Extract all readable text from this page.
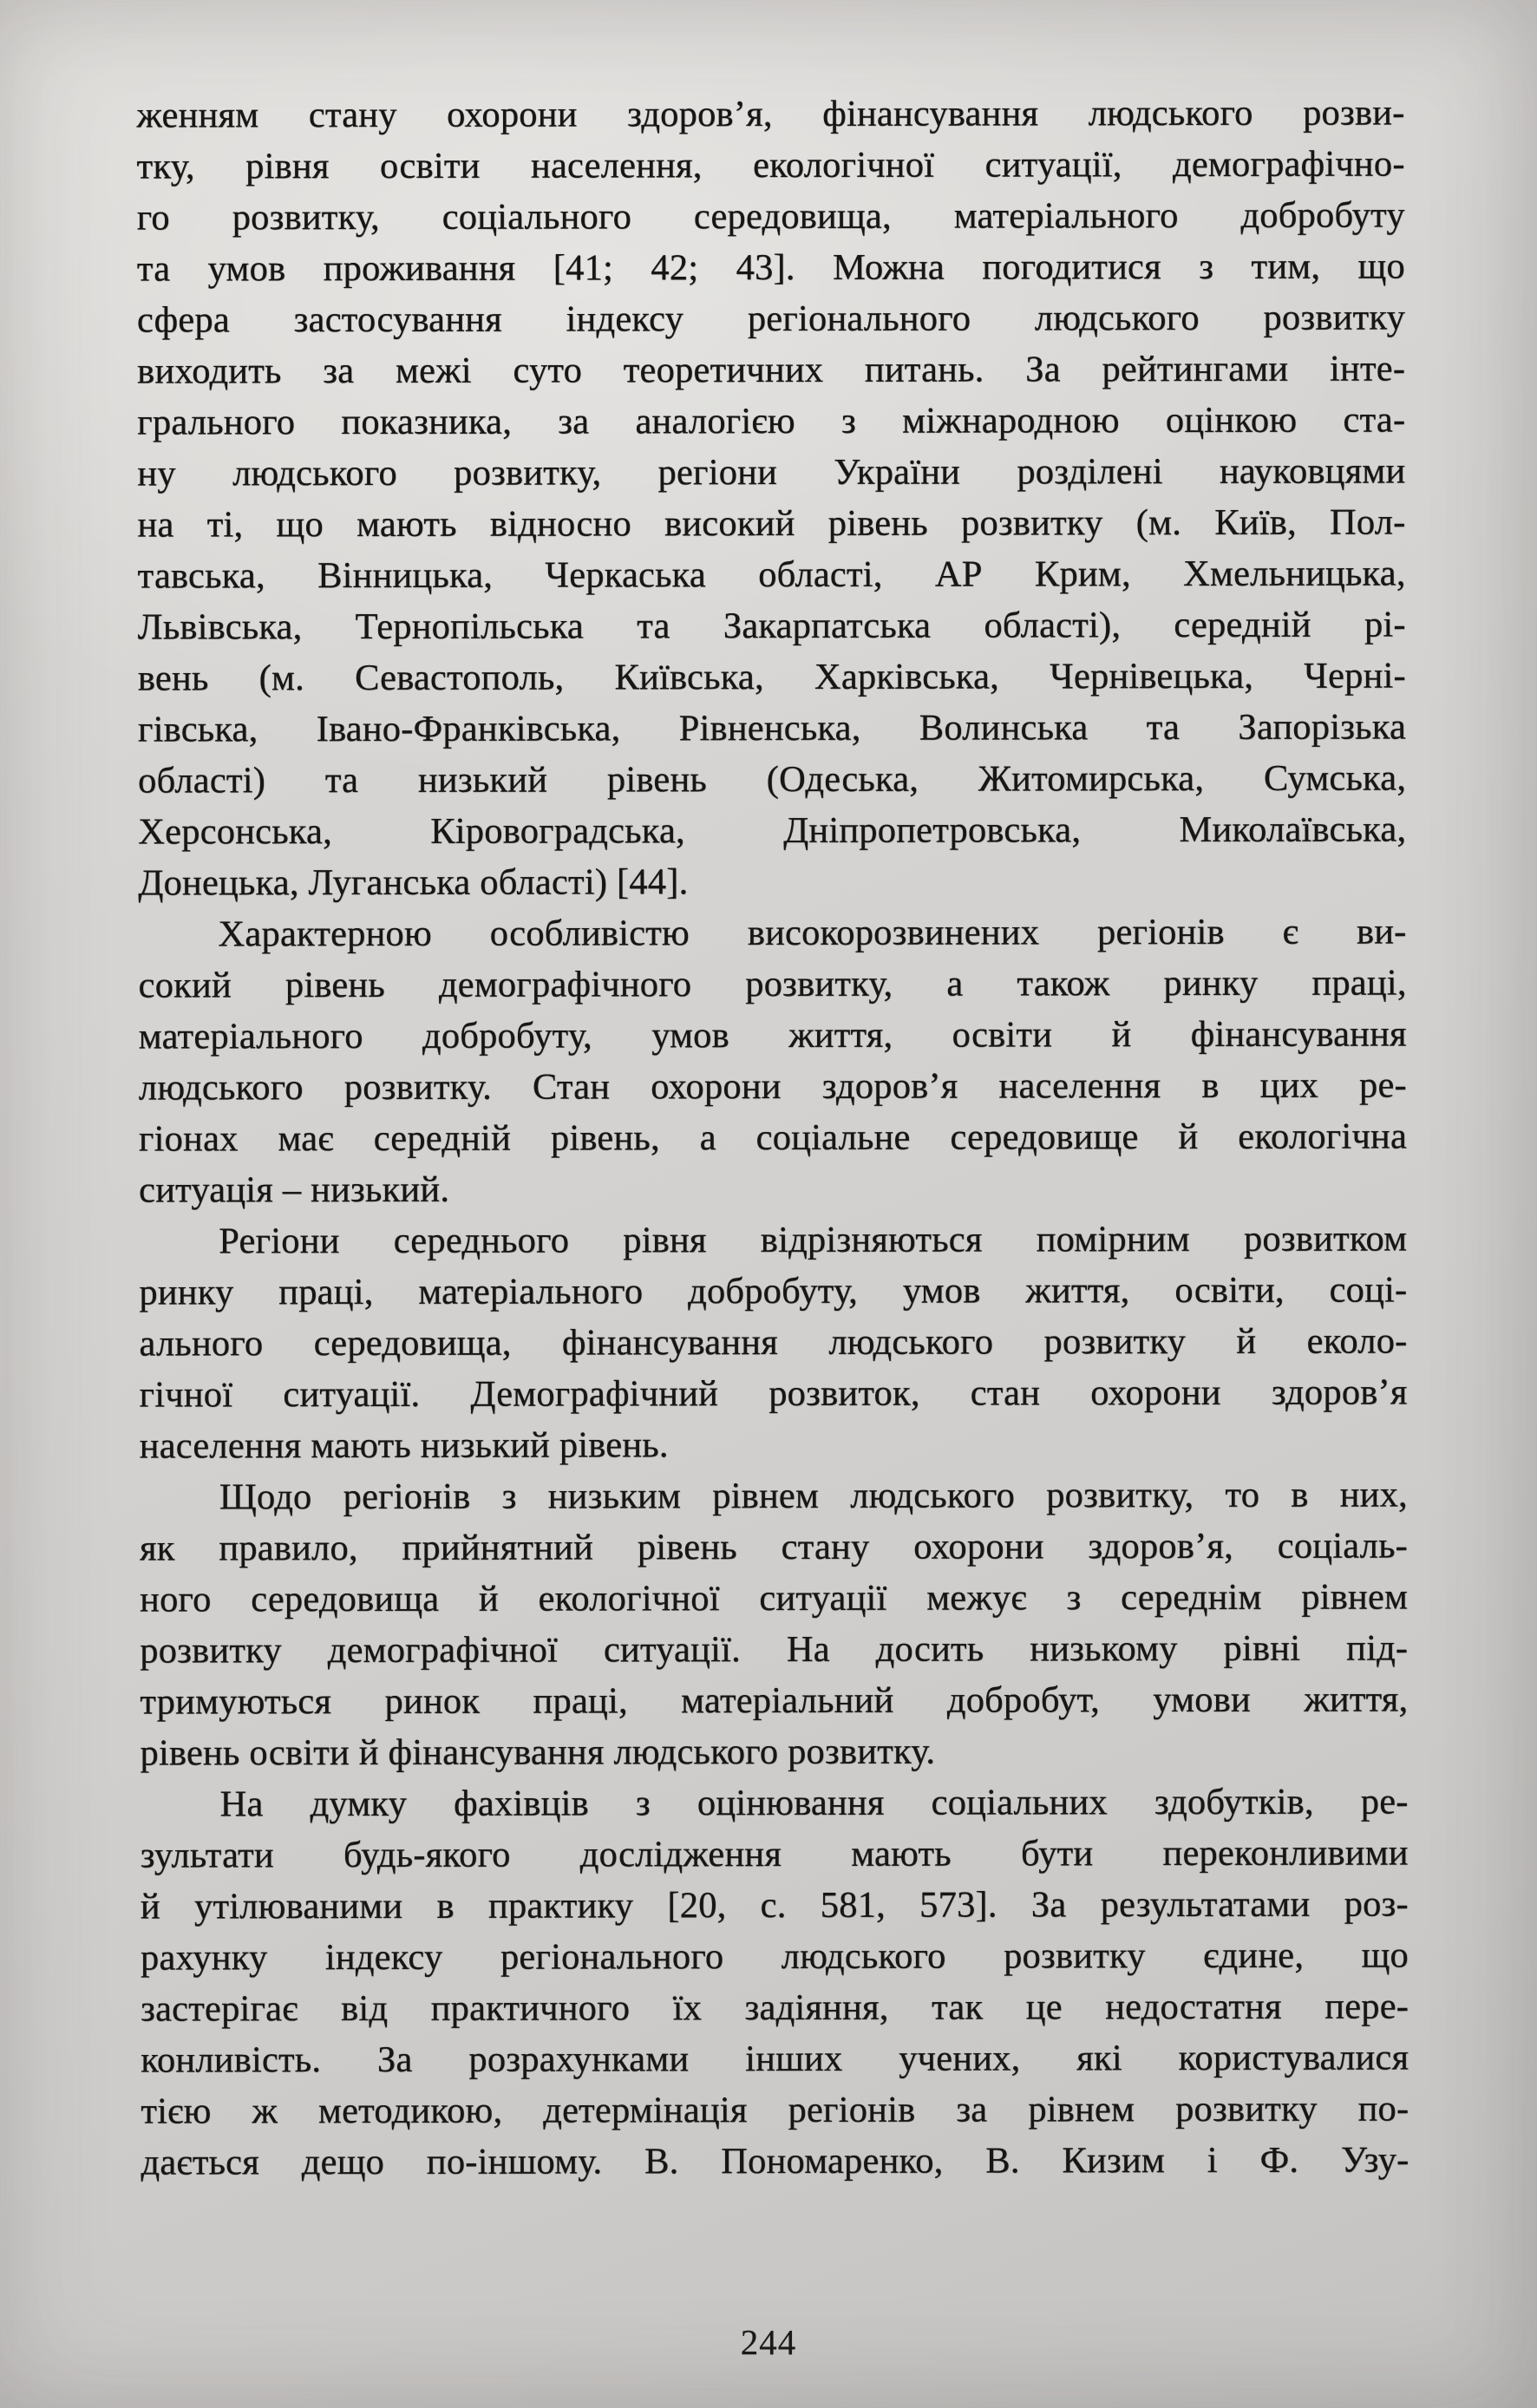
женням стану охорони здоров’я, фінансування людського розви-
тку, рівня освіти населення, екологічної ситуації, демографічно-
го розвитку, соціального середовища, матеріального добробуту
та умов проживання [41; 42; 43]. Можна погодитися з тим, що
сфера застосування індексу регіонального людського розвитку
виходить за межі суто теоретичних питань. За рейтингами інте-
грального показника, за аналогією з міжнародною оцінкою ста-
ну людського розвитку, регіони України розділені науковцями
на ті, що мають відносно високий рівень розвитку (м. Київ, Пол-
тавська, Вінницька, Черкаська області, АР Крим, Хмельницька,
Львівська, Тернопільська та Закарпатська області), середній рі-
вень (м. Севастополь, Київська, Харківська, Чернівецька, Черні-
гівська, Івано-Франківська, Рівненська, Волинська та Запорізька
області) та низький рівень (Одеська, Житомирська, Сумська,
Херсонська, Кіровоградська, Дніпропетровська, Миколаївська,
Донецька, Луганська області) [44].

Характерною особливістю високорозвинених регіонів є ви-
сокий рівень демографічного розвитку, а також ринку праці,
матеріального добробуту, умов життя, освіти й фінансування
людського розвитку. Стан охорони здоров’я населення в цих ре-
гіонах має середній рівень, а соціальне середовище й екологічна
ситуація – низький.

Регіони середнього рівня відрізняються помірним розвитком
ринку праці, матеріального добробуту, умов життя, освіти, соці-
ального середовища, фінансування людського розвитку й еколо-
гічної ситуації. Демографічний розвиток, стан охорони здоров’я
населення мають низький рівень.

Щодо регіонів з низьким рівнем людського розвитку, то в них,
як правило, прийнятний рівень стану охорони здоров’я, соціаль-
ного середовища й екологічної ситуації межує з середнім рівнем
розвитку демографічної ситуації. На досить низькому рівні під-
тримуються ринок праці, матеріальний добробут, умови життя,
рівень освіти й фінансування людського розвитку.

На думку фахівців з оцінювання соціальних здобутків, ре-
зультати будь-якого дослідження мають бути переконливими
й утілюваними в практику [20, с. 581, 573]. За результатами роз-
рахунку індексу регіонального людського розвитку єдине, що
застерігає від практичного їх задіяння, так це недостатня пере-
конливість. За розрахунками інших учених, які користувалися
тією ж методикою, детермінація регіонів за рівнем розвитку по-
дається дещо по-іншому. В. Пономаренко, В. Кизим і Ф. Узу-

244
